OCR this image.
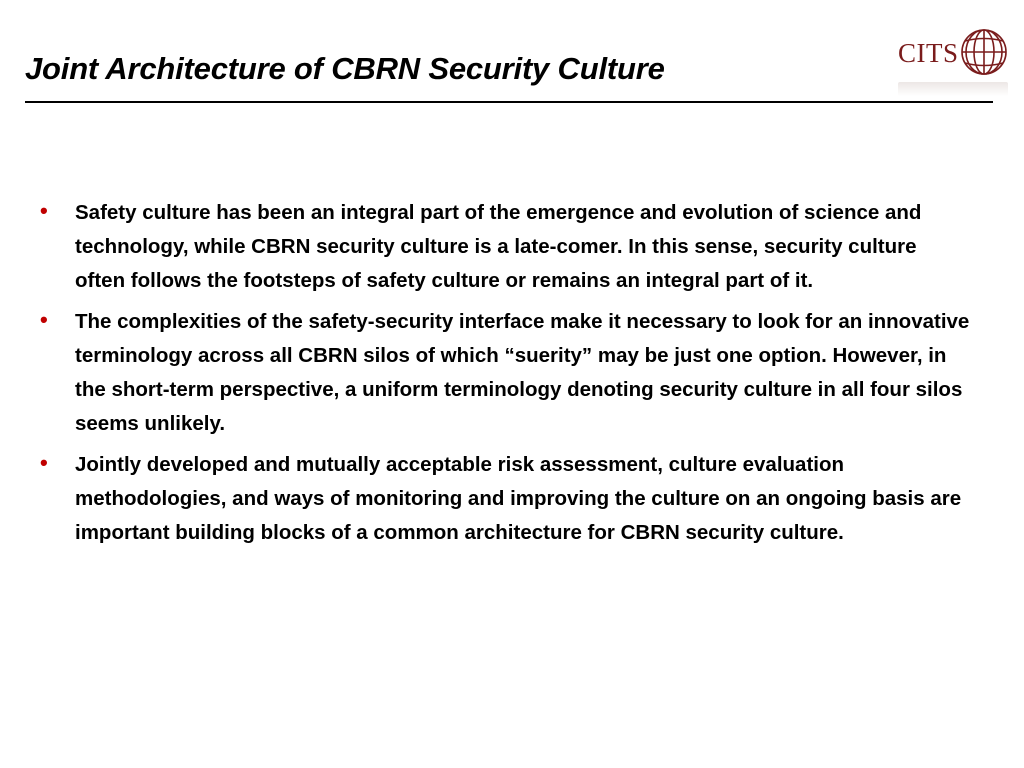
Joint Architecture of CBRN Security Culture	CITS
• Safety culture has been an integral part of the emergence and evolution of science and technology, while CBRN security culture is a late-comer. In this sense, security culture often follows the footsteps of safety culture or remains an integral part of it.
• The complexities of the safety-security interface make it necessary to look for an innovative terminology across all CBRN silos of which “suerity” may be just one option. However, in the short-term perspective, a uniform terminology denoting security culture in all four silos seems unlikely.
• Jointly developed and mutually acceptable risk assessment, culture evaluation methodologies, and ways of monitoring and improving the culture on an ongoing basis are important building blocks of a common architecture for CBRN security culture.
